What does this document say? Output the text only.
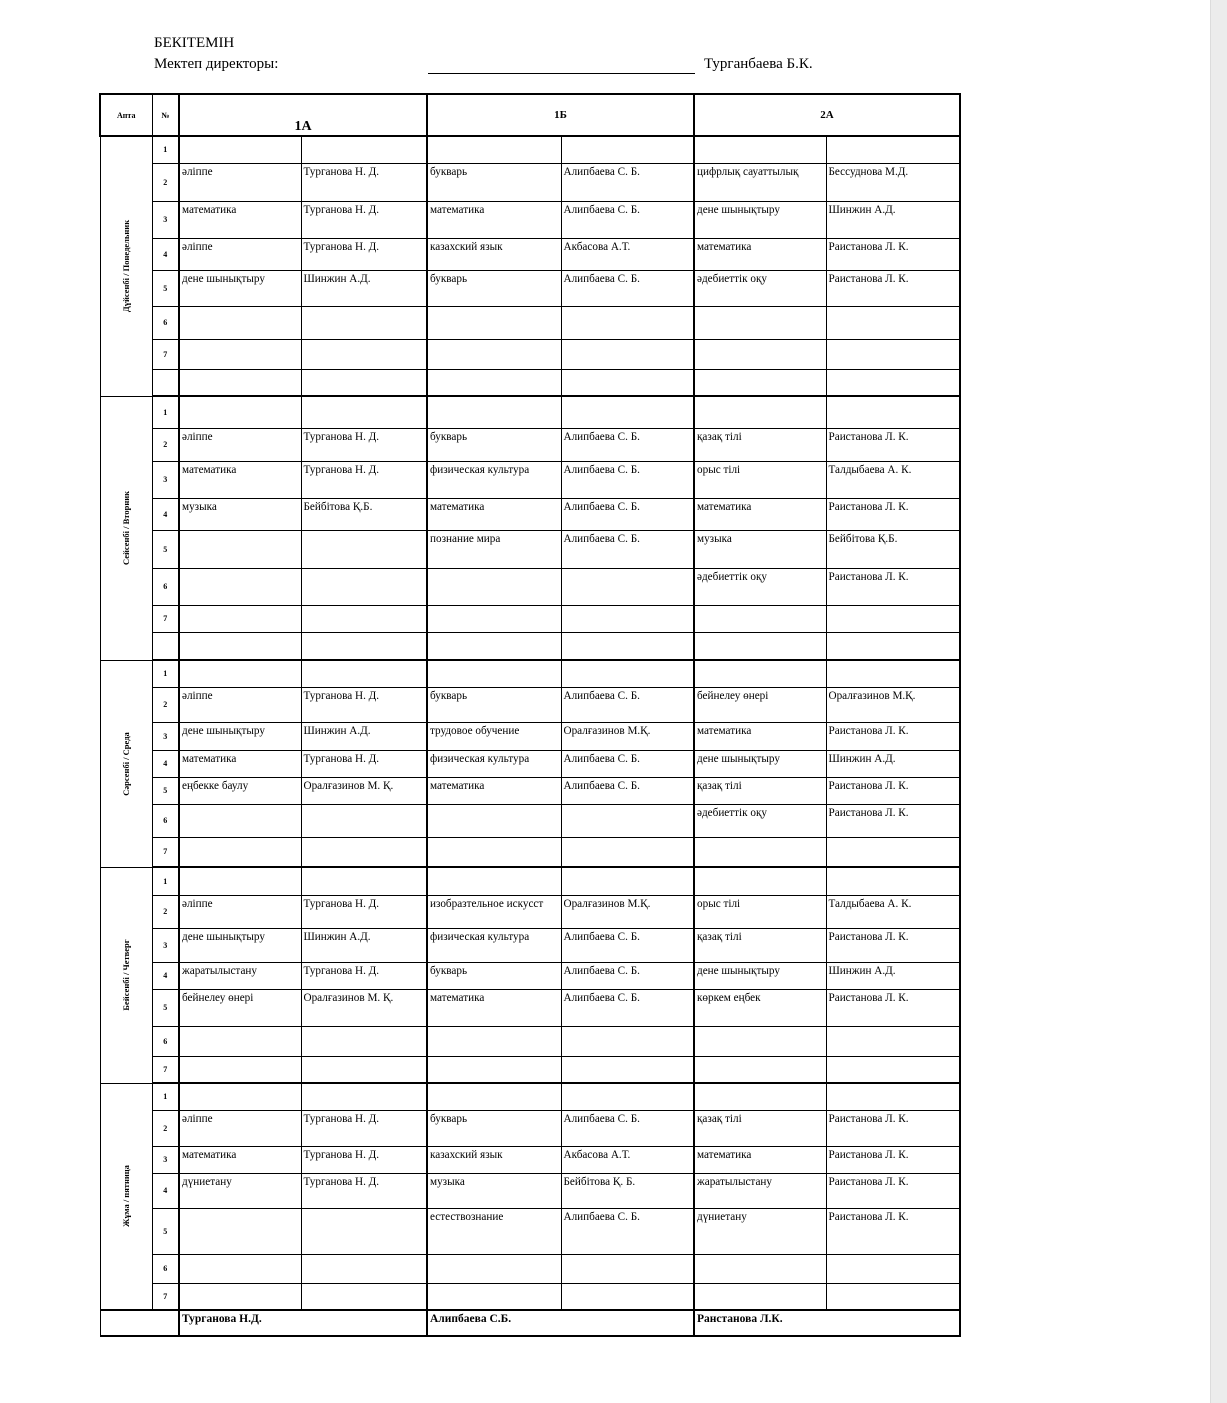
БЕКІТЕМІН
Мектеп директоры:	Турганбаева Б.К.
Апта	№	1А		1Б		2А	

Дүйсенбі / Понедельник	1						
	2	әліппе	Турганова Н. Д.	букварь	Алипбаева С. Б.	цифрлық сауаттылық	Бессуднова М.Д.
	3	математика	Турганова Н. Д.	математика	Алипбаева С. Б.	дене шынықтыру	Шинжин А.Д.
	4	әліппе	Турганова Н. Д.	казахский язык	Акбасова А.Т.	математика	Раистанова Л. К.
	5	дене шынықтыру	Шинжин А.Д.	букварь	Алипбаева С. Б.	әдебиеттік оқу	Раистанова Л. К.
	6						
	7						

Сейсенбі / Вторник	1						
	2	әліппе	Турганова Н. Д.	букварь	Алипбаева С. Б.	қазақ тілі	Раистанова Л. К.
	3	математика	Турганова Н. Д.	физическая культура	Алипбаева С. Б.	орыс тілі	Талдыбаева А. К.
	4	музыка	Бейбітова Қ.Б.	математика	Алипбаева С. Б.	математика	Раистанова Л. К.
	5			познание мира	Алипбаева С. Б.	музыка	Бейбітова Қ.Б.
	6					әдебиеттік оқу	Раистанова Л. К.
	7						

Сәрсенбі / Среда	1						
	2	әліппе	Турганова Н. Д.	букварь	Алипбаева С. Б.	бейнелеу өнері	Оралғазинов М.Қ.
	3	дене шынықтыру	Шинжин А.Д.	трудовое обучение	Оралғазинов М.Қ.	математика	Раистанова Л. К.
	4	математика	Турганова Н. Д.	физическая культура	Алипбаева С. Б.	дене шынықтыру	Шинжин А.Д.
	5	еңбекке баулу	Оралғазинов М. Қ.	математика	Алипбаева С. Б.	қазақ тілі	Раистанова Л. К.
	6					әдебиеттік оқу	Раистанова Л. К.
	7						

Бейсенбі / Четверг	1						
	2	әліппе	Турганова Н. Д.	изобразтельное искусст	Оралғазинов М.Қ.	орыс тілі	Талдыбаева А. К.
	3	дене шынықтыру	Шинжин А.Д.	физическая культура	Алипбаева С. Б.	қазақ тілі	Раистанова Л. К.
	4	жаратылыстану	Турганова Н. Д.	букварь	Алипбаева С. Б.	дене шынықтыру	Шинжин А.Д.
	5	бейнелеу өнері	Оралғазинов М. Қ.	математика	Алипбаева С. Б.	көркем еңбек	Раистанова Л. К.
	6						
	7						

Жұма / пятница	1						
	2	әліппе	Турганова Н. Д.	букварь	Алипбаева С. Б.	қазақ тілі	Раистанова Л. К.
	3	математика	Турганова Н. Д.	казахский язык	Акбасова А.Т.	математика	Раистанова Л. К.
	4	дүниетану	Турганова Н. Д.	музыка	Бейбітова Қ. Б.	жаратылыстану	Раистанова Л. К.
	5			естествознание	Алипбаева С. Б.	дүниетану	Раистанова Л. К.
	6						
	7						
		Турганова Н.Д.		Алипбаева С.Б.		Ранстанова Л.К.	
